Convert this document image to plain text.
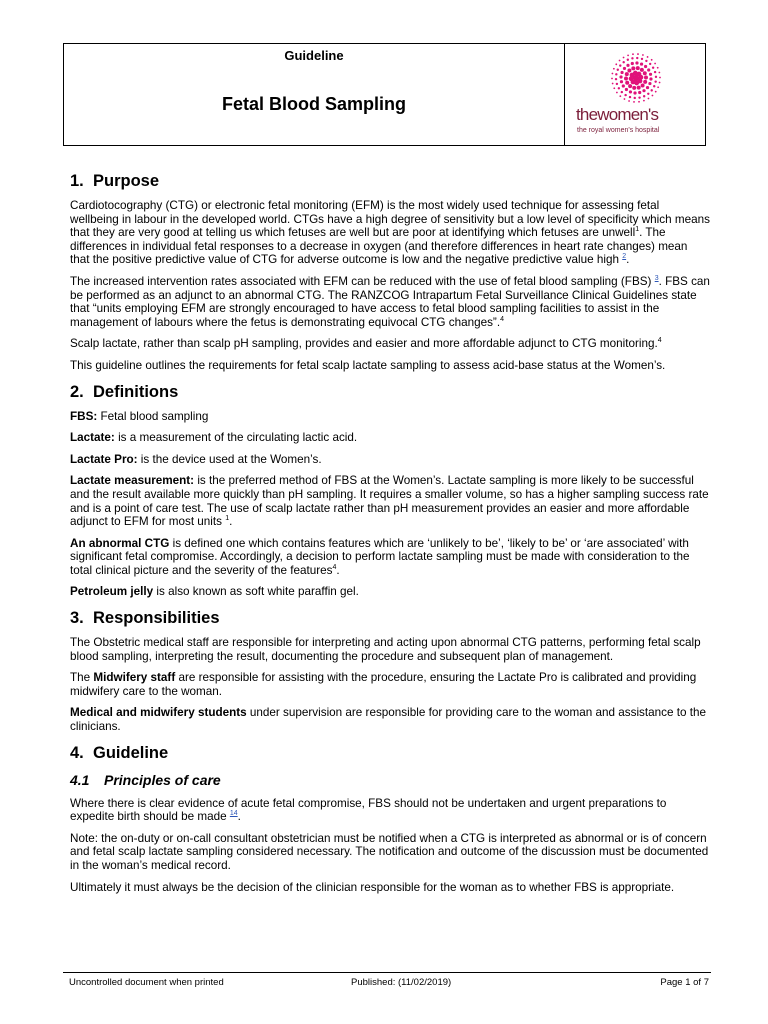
Guideline
Fetal Blood Sampling
thewomen's
the royal women's hospital
1. Purpose

Cardiotocography (CTG) or electronic fetal monitoring (EFM) is the most widely used technique for assessing fetal wellbeing in labour in the developed world. CTGs have a high degree of sensitivity but a low level of specificity which means that they are very good at telling us which fetuses are well but are poor at identifying which fetuses are unwell$^1$. The differences in individual fetal responses to a decrease in oxygen (and therefore differences in heart rate changes) mean that the positive predictive value of CTG for adverse outcome is low and the negative predictive value high $^2$.

The increased intervention rates associated with EFM can be reduced with the use of fetal blood sampling (FBS) $^3$. FBS can be performed as an adjunct to an abnormal CTG. The RANZCOG Intrapartum Fetal Surveillance Clinical Guidelines state that “units employing EFM are strongly encouraged to have access to fetal blood sampling facilities to assist in the management of labours where the fetus is demonstrating equivocal CTG changes”.$^4$

Scalp lactate, rather than scalp pH sampling, provides and easier and more affordable adjunct to CTG monitoring.$^4$

This guideline outlines the requirements for fetal scalp lactate sampling to assess acid-base status at the Women’s.

2. Definitions

FBS: Fetal blood sampling

Lactate: is a measurement of the circulating lactic acid.

Lactate Pro: is the device used at the Women’s.

Lactate measurement: is the preferred method of FBS at the Women’s. Lactate sampling is more likely to be successful and the result available more quickly than pH sampling. It requires a smaller volume, so has a higher sampling success rate and is a point of care test. The use of scalp lactate rather than pH measurement provides an easier and more affordable adjunct to EFM for most units $^1$.

An abnormal CTG is defined one which contains features which are ‘unlikely to be’, ‘likely to be’ or ‘are associated’ with significant fetal compromise. Accordingly, a decision to perform lactate sampling must be made with consideration to the total clinical picture and the severity of the features$^4$.

Petroleum jelly is also known as soft white paraffin gel.

3. Responsibilities

The Obstetric medical staff are responsible for interpreting and acting upon abnormal CTG patterns, performing fetal scalp blood sampling, interpreting the result, documenting the procedure and subsequent plan of management.

The Midwifery staff are responsible for assisting with the procedure, ensuring the Lactate Pro is calibrated and providing midwifery care to the woman.

Medical and midwifery students under supervision are responsible for providing care to the woman and assistance to the clinicians.

4. Guideline
4.1 Principles of care

Where there is clear evidence of acute fetal compromise, FBS should not be undertaken and urgent preparations to expedite birth should be made $^{14}$.

Note: the on-duty or on-call consultant obstetrician must be notified when a CTG is interpreted as abnormal or is of concern and fetal scalp lactate sampling considered necessary. The notification and outcome of the discussion must be documented in the woman’s medical record.

Ultimately it must always be the decision of the clinician responsible for the woman as to whether FBS is appropriate.

Uncontrolled document when printed	Published: (11/02/2019)	Page 1 of 7
